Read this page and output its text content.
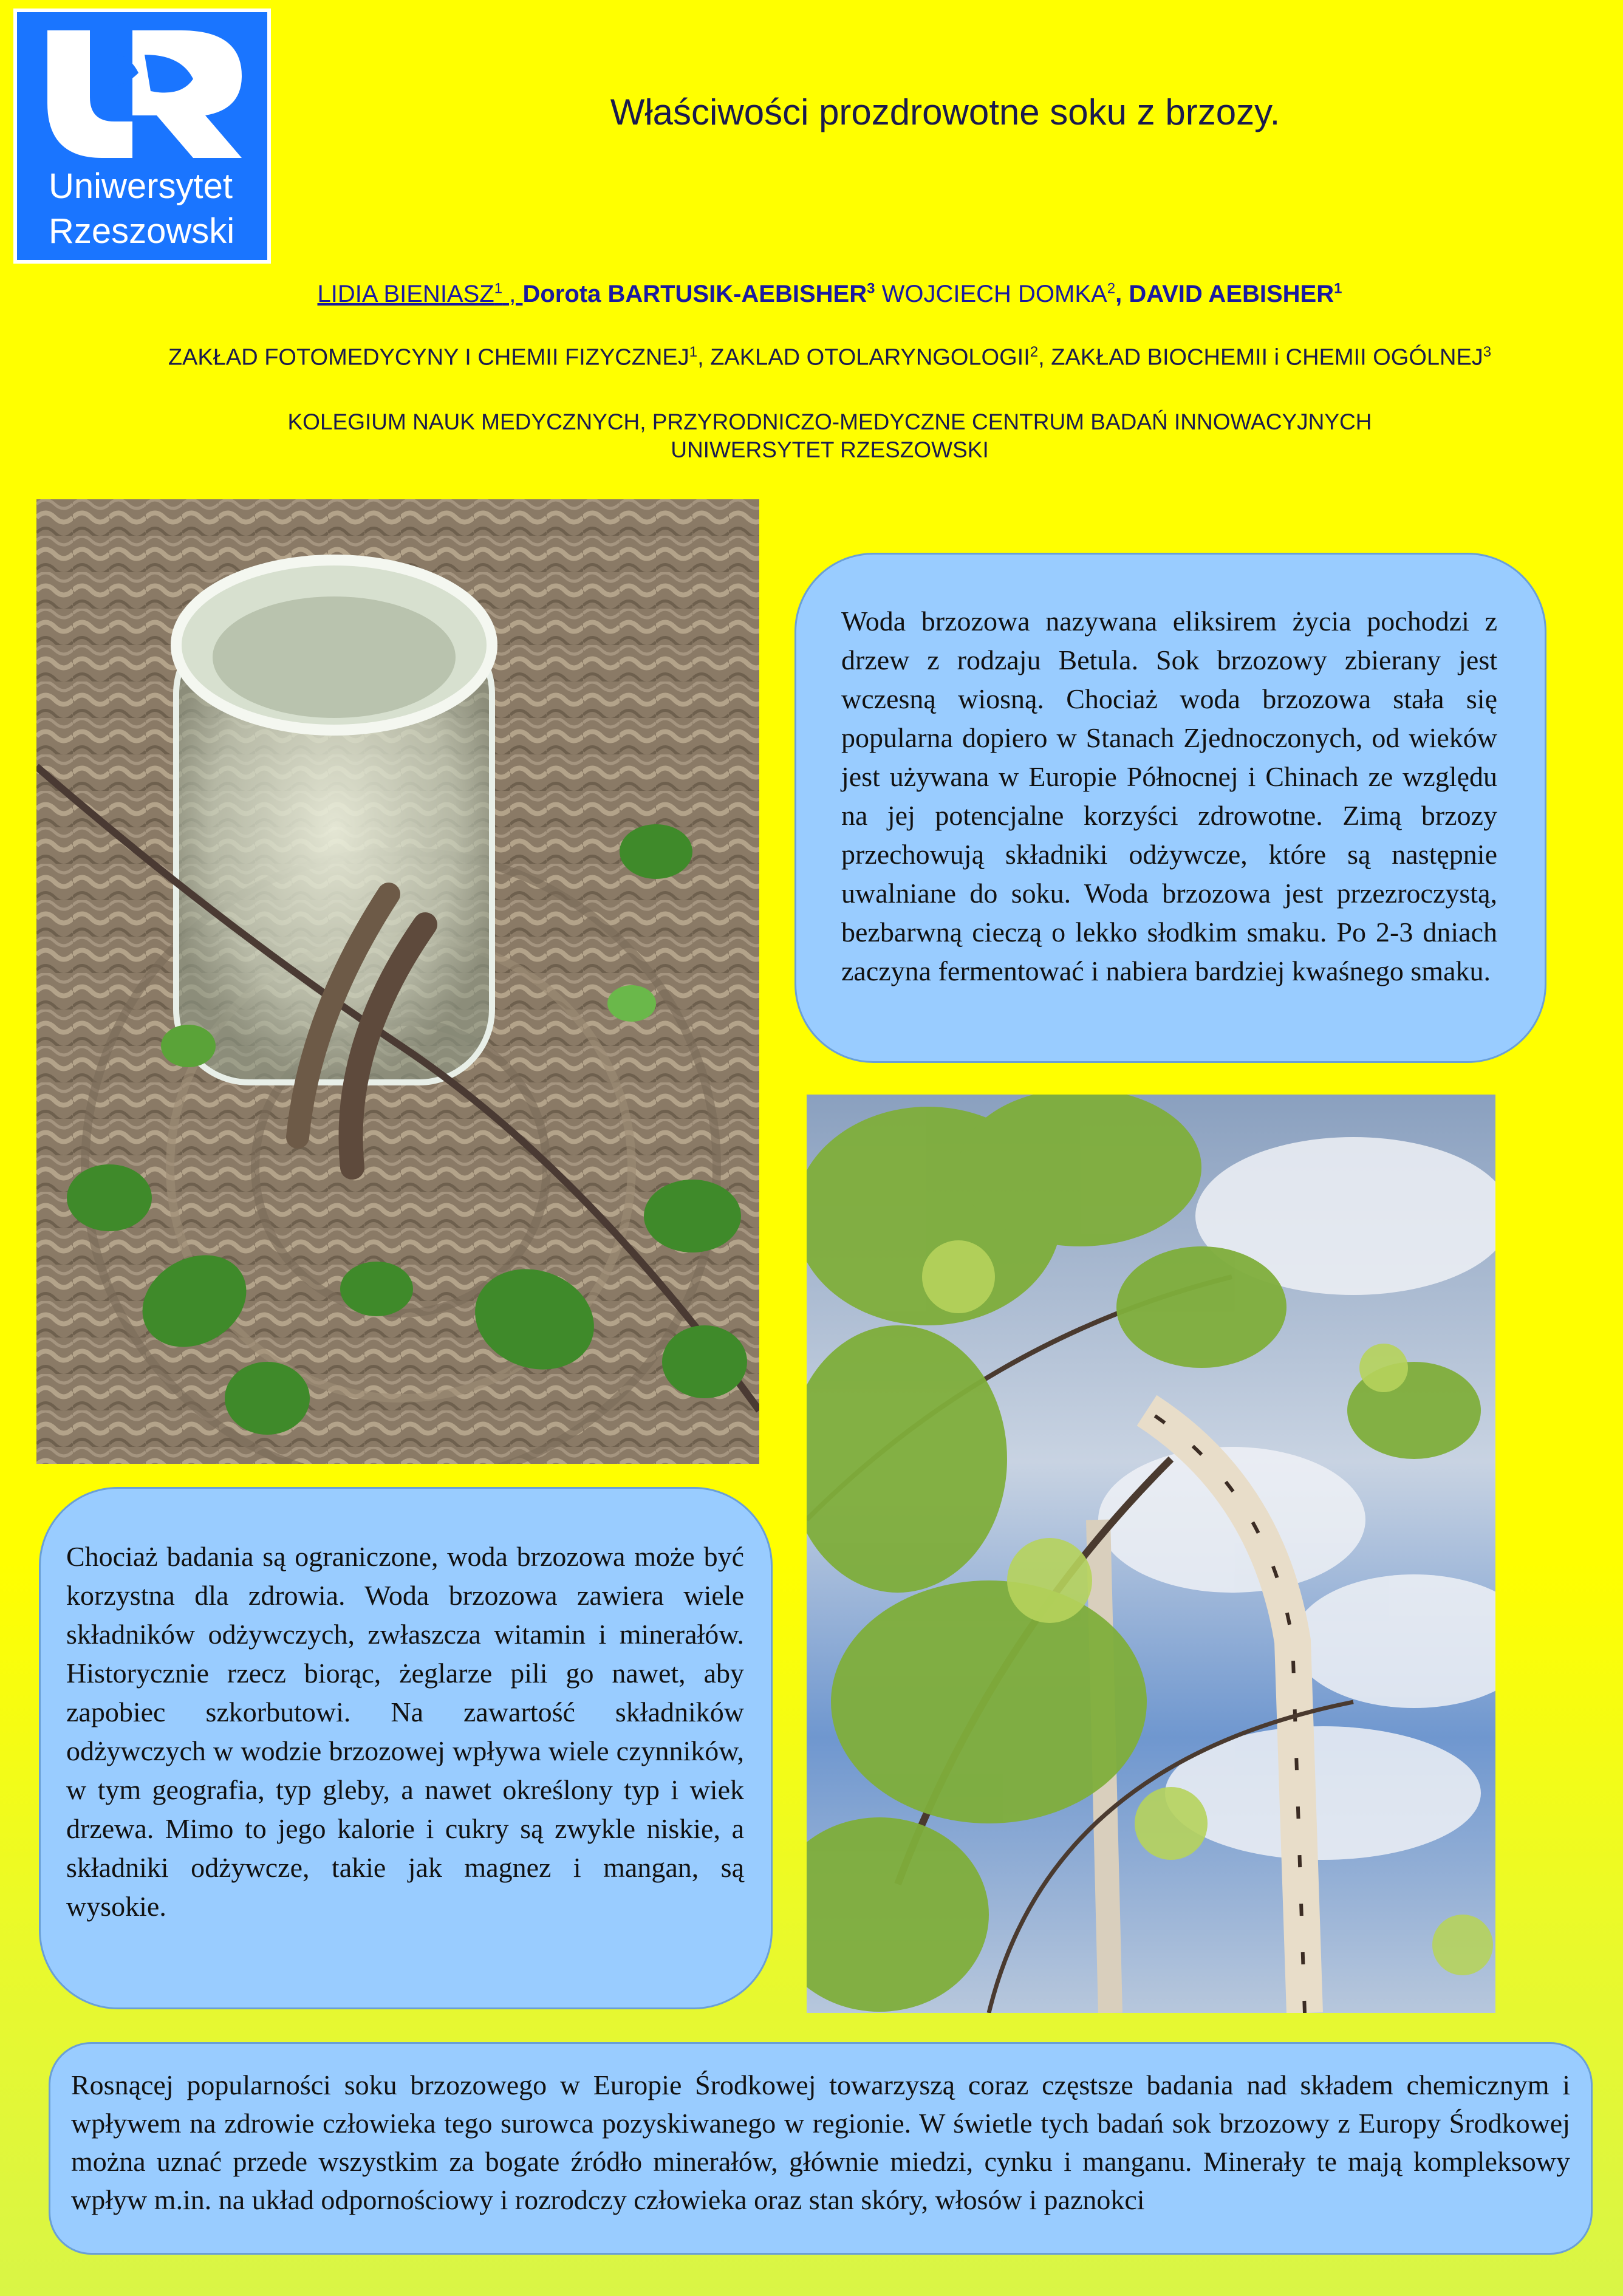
Uniwersytet
Rzeszowski
Właściwości prozdrowotne soku z brzozy.
LIDIA BIENIASZ$^1$ , Dorota BARTUSIK-AEBISHER$^3$ WOJCIECH DOMKA$^2$, DAVID AEBISHER$^1$
ZAKŁAD FOTOMEDYCYNY I CHEMII FIZYCZNEJ$^1$, ZAKLAD OTOLARYNGOLOGII$^2$, ZAKŁAD BIOCHEMII i CHEMII OGÓLNEJ$^3$
KOLEGIUM NAUK MEDYCZNYCH, PRZYRODNICZO-MEDYCZNE CENTRUM BADAŃ INNOWACYJNYCH
UNIWERSYTET RZESZOWSKI

Woda brzozowa nazywana eliksirem życia pochodzi z drzew z rodzaju Betula. Sok brzozowy zbierany jest wczesną wiosną. Chociaż woda brzozowa stała się popularna dopiero w Stanach Zjednoczonych, od wieków jest używana w Europie Północnej i Chinach ze względu na jej potencjalne korzyści zdrowotne. Zimą brzozy przechowują składniki odżywcze, które są następnie uwalniane do soku. Woda brzozowa jest przezroczystą, bezbarwną cieczą o lekko słodkim smaku. Po 2-3 dniach zaczyna fermentować i nabiera bardziej kwaśnego smaku.

Chociaż badania są ograniczone, woda brzozowa może być korzystna dla zdrowia. Woda brzozowa zawiera wiele składników odżywczych, zwłaszcza witamin i minerałów. Historycznie rzecz biorąc, żeglarze pili go nawet, aby zapobiec szkorbutowi. Na zawartość składników odżywczych w wodzie brzozowej wpływa wiele czynników, w tym geografia, typ gleby, a nawet określony typ i wiek drzewa. Mimo to jego kalorie i cukry są zwykle niskie, a składniki odżywcze, takie jak magnez i mangan, są wysokie.

Rosnącej popularności soku brzozowego w Europie Środkowej towarzyszą coraz częstsze badania nad składem chemicznym i wpływem na zdrowie człowieka tego surowca pozyskiwanego w regionie. W świetle tych badań sok brzozowy z Europy Środkowej można uznać przede wszystkim za bogate źródło minerałów, głównie miedzi, cynku i manganu. Minerały te mają kompleksowy wpływ m.in. na układ odpornościowy i rozrodczy człowieka oraz stan skóry, włosów i paznokci
